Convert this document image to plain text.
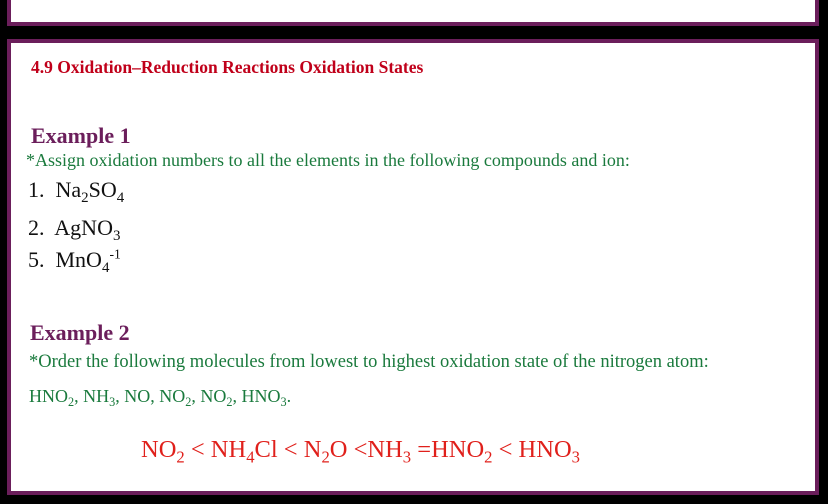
4.9 Oxidation–Reduction Reactions Oxidation States
Example 1
*Assign oxidation numbers to all the elements in the following compounds and ion:
1. $Na_2SO_4$
2. AgNO$_3$
5. MnO$_4^{-1}$
Example 2
*Order the following molecules from lowest to highest oxidation state of the nitrogen atom:
$HNO_2$, $NH_3$, NO, $NO_2$, $NO_2$, $HNO_3$.
$NO_2 < NH_4Cl < N_2O <NH_3 =HNO_2 < HNO_3$
